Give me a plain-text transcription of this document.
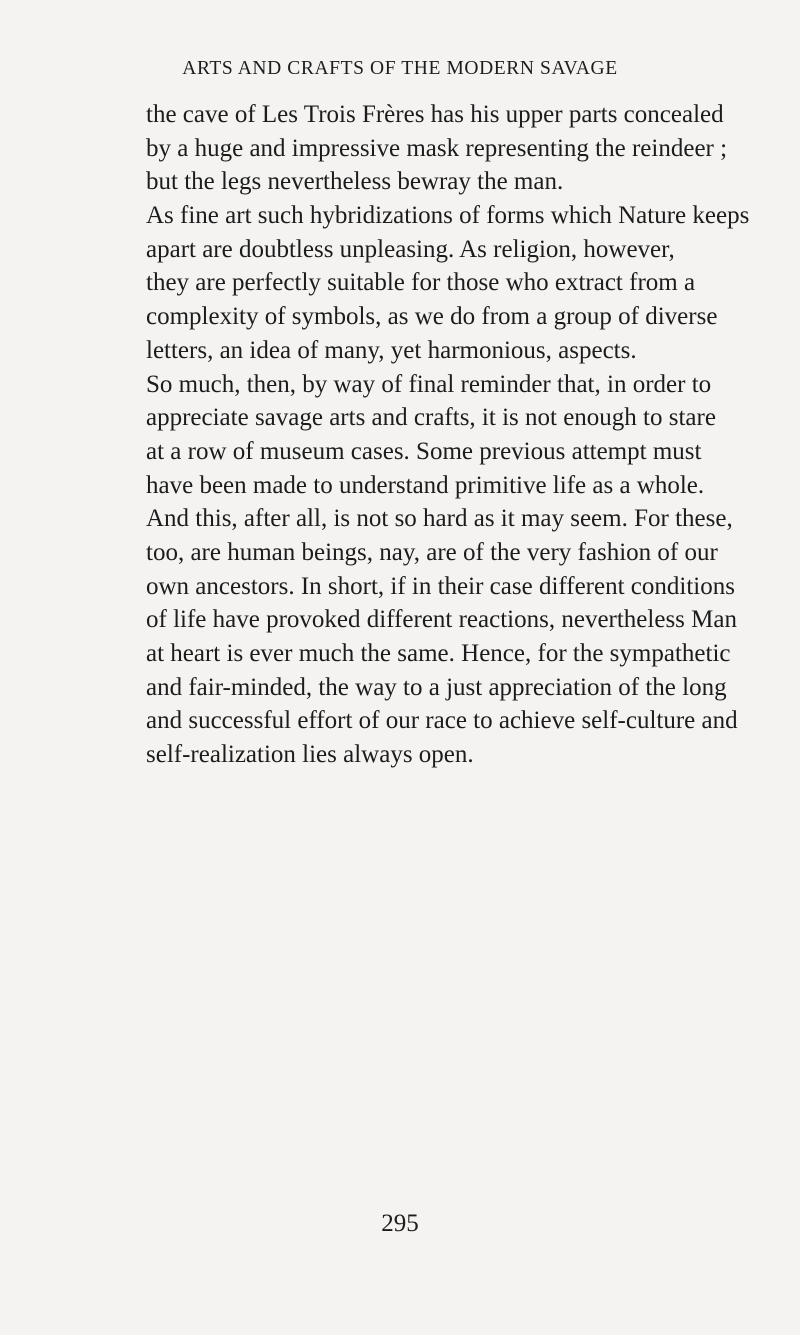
ARTS AND CRAFTS OF THE MODERN SAVAGE
the cave of Les Trois Frères has his upper parts concealed
by a huge and impressive mask representing the reindeer ;
but the legs nevertheless bewray the man.
As fine art such hybridizations of forms which Nature keeps
apart are doubtless unpleasing. As religion, however,
they are perfectly suitable for those who extract from a
complexity of symbols, as we do from a group of diverse
letters, an idea of many, yet harmonious, aspects.
So much, then, by way of final reminder that, in order to
appreciate savage arts and crafts, it is not enough to stare
at a row of museum cases. Some previous attempt must
have been made to understand primitive life as a whole.
And this, after all, is not so hard as it may seem. For these,
too, are human beings, nay, are of the very fashion of our
own ancestors. In short, if in their case different conditions
of life have provoked different reactions, nevertheless Man
at heart is ever much the same. Hence, for the sympathetic
and fair-minded, the way to a just appreciation of the long
and successful effort of our race to achieve self-culture and
self-realization lies always open.
295
